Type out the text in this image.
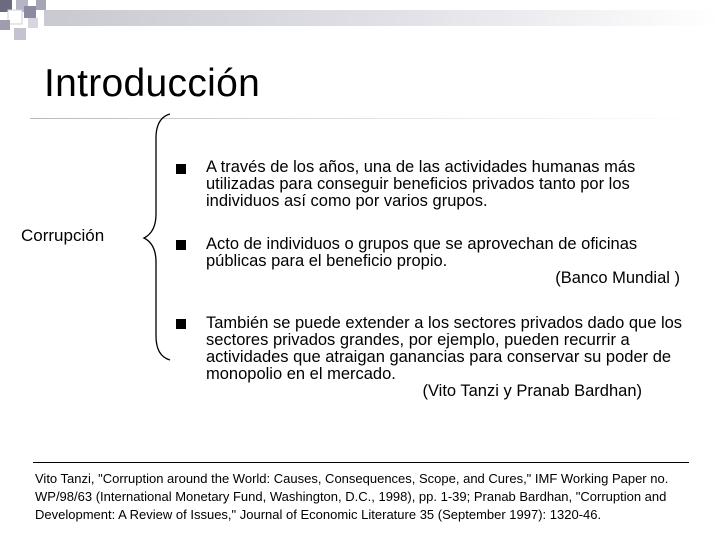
Introducción
Corrupción
A través de los años, una de las actividades humanas más utilizadas para conseguir beneficios privados tanto por los individuos así como por varios grupos.
Acto de individuos o grupos que se aprovechan de oficinas públicas para el beneficio propio.
(Banco Mundial )
También se puede extender a los sectores privados dado que los sectores privados grandes, por ejemplo, pueden recurrir a actividades que atraigan ganancias para conservar su poder de monopolio en el mercado.
(Vito Tanzi y Pranab Bardhan)
Vito Tanzi, "Corruption around the World: Causes, Consequences, Scope, and Cures," IMF Working Paper no. WP/98/63 (International Monetary Fund, Washington, D.C., 1998), pp. 1-39; Pranab Bardhan, "Corruption and Development: A Review of Issues," Journal of Economic Literature 35 (September 1997): 1320-46.
